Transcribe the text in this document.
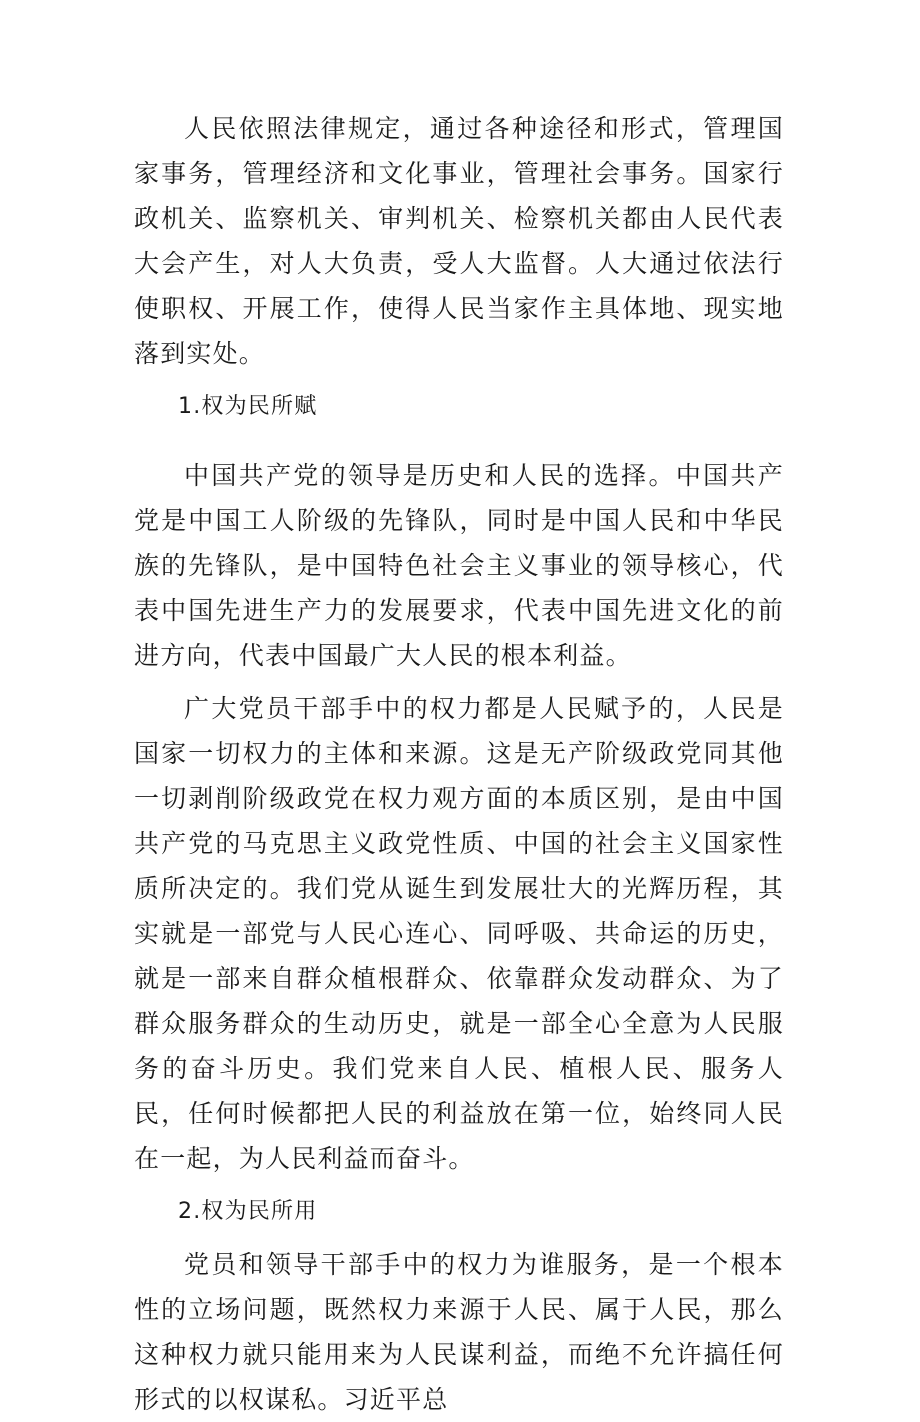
人民依照法律规定，通过各种途径和形式，管理国家事务，管理经济和文化事业，管理社会事务。国家行政机关、监察机关、审判机关、检察机关都由人民代表大会产生，对人大负责，受人大监督。人大通过依法行使职权、开展工作，使得人民当家作主具体地、现实地落到实处。

1.权为民所赋

中国共产党的领导是历史和人民的选择。中国共产党是中国工人阶级的先锋队，同时是中国人民和中华民族的先锋队，是中国特色社会主义事业的领导核心，代表中国先进生产力的发展要求，代表中国先进文化的前进方向，代表中国最广大人民的根本利益。

广大党员干部手中的权力都是人民赋予的，人民是国家一切权力的主体和来源。这是无产阶级政党同其他一切剥削阶级政党在权力观方面的本质区别，是由中国共产党的马克思主义政党性质、中国的社会主义国家性质所决定的。我们党从诞生到发展壮大的光辉历程，其实就是一部党与人民心连心、同呼吸、共命运的历史，就是一部来自群众植根群众、依靠群众发动群众、为了群众服务群众的生动历史，就是一部全心全意为人民服务的奋斗历史。我们党来自人民、植根人民、服务人民，任何时候都把人民的利益放在第一位，始终同人民在一起，为人民利益而奋斗。

2.权为民所用

党员和领导干部手中的权力为谁服务，是一个根本性的立场问题，既然权力来源于人民、属于人民，那么这种权力就只能用来为人民谋利益，而绝不允许搞任何形式的以权谋私。习近平总
